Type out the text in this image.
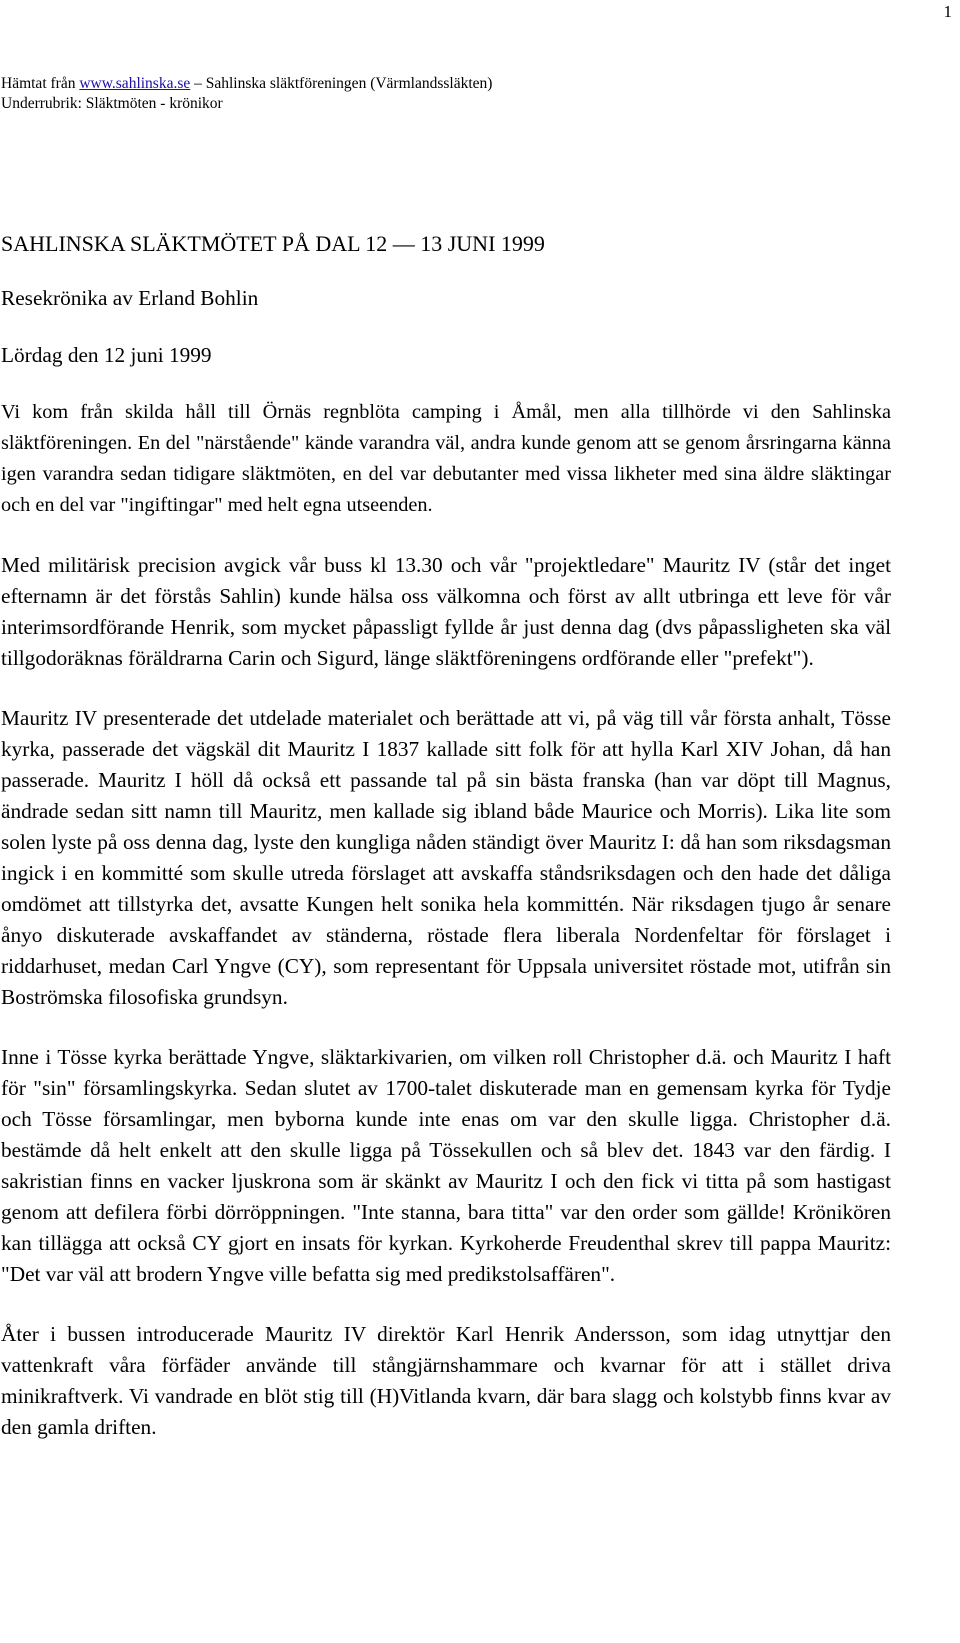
1
Hämtat från www.sahlinska.se – Sahlinska släktföreningen (Värmlandssläkten)
Underrubrik: Släktmöten - krönikor
SAHLINSKA SLÄKTMÖTET PÅ DAL 12 — 13 JUNI 1999

Resekrönika av Erland Bohlin

Lördag den 12 juni 1999

Vi kom från skilda håll till Örnäs regnblöta camping i Åmål, men alla tillhörde vi den Sahlinska släktföreningen. En del "närstående" kände varandra väl, andra kunde genom att se genom årsringarna känna igen varandra sedan tidigare släktmöten, en del var debutanter med vissa likheter med sina äldre släktingar och en del var "ingiftingar" med helt egna utseenden.

Med militärisk precision avgick vår buss kl 13.30 och vår "projektledare" Mauritz IV (står det inget efternamn är det förstås Sahlin) kunde hälsa oss välkomna och först av allt utbringa ett leve för vår interimsordförande Henrik, som mycket påpassligt fyllde år just denna dag (dvs påpassligheten ska väl tillgodoräknas föräldrarna Carin och Sigurd, länge släktföreningens ordförande eller "prefekt").

Mauritz IV presenterade det utdelade materialet och berättade att vi, på väg till vår första anhalt, Tösse kyrka, passerade det vägskäl dit Mauritz I 1837 kallade sitt folk för att hylla Karl XIV Johan, då han passerade. Mauritz I höll då också ett passande tal på sin bästa franska (han var döpt till Magnus, ändrade sedan sitt namn till Mauritz, men kallade sig ibland både Maurice och Morris). Lika lite som solen lyste på oss denna dag, lyste den kungliga nåden ständigt över Mauritz I: då han som riksdagsman ingick i en kommitté som skulle utreda förslaget att avskaffa ståndsriksdagen och den hade det dåliga omdömet att tillstyrka det, avsatte Kungen helt sonika hela kommittén. När riksdagen tjugo år senare ånyo diskuterade avskaffandet av ständerna, röstade flera liberala Nordenfeltar för förslaget i riddarhuset, medan Carl Yngve (CY), som representant för Uppsala universitet röstade mot, utifrån sin Boströmska filosofiska grundsyn.

Inne i Tösse kyrka berättade Yngve, släktarkivarien, om vilken roll Christopher d.ä. och Mauritz I haft för "sin" församlingskyrka. Sedan slutet av 1700-talet diskuterade man en gemensam kyrka för Tydje och Tösse församlingar, men byborna kunde inte enas om var den skulle ligga. Christopher d.ä. bestämde då helt enkelt att den skulle ligga på Tössekullen och så blev det. 1843 var den färdig. I sakristian finns en vacker ljuskrona som är skänkt av Mauritz I och den fick vi titta på som hastigast genom att defilera förbi dörröppningen. "Inte stanna, bara titta" var den order som gällde! Krönikören kan tillägga att också CY gjort en insats för kyrkan. Kyrkoherde Freudenthal skrev till pappa Mauritz: "Det var väl att brodern Yngve ville befatta sig med predikstolsaffären".

Åter i bussen introducerade Mauritz IV direktör Karl Henrik Andersson, som idag utnyttjar den vattenkraft våra förfäder använde till stångjärnshammare och kvarnar för att i stället driva minikraftverk. Vi vandrade en blöt stig till (H)Vitlanda kvarn, där bara slagg och kolstybb finns kvar av den gamla driften.
